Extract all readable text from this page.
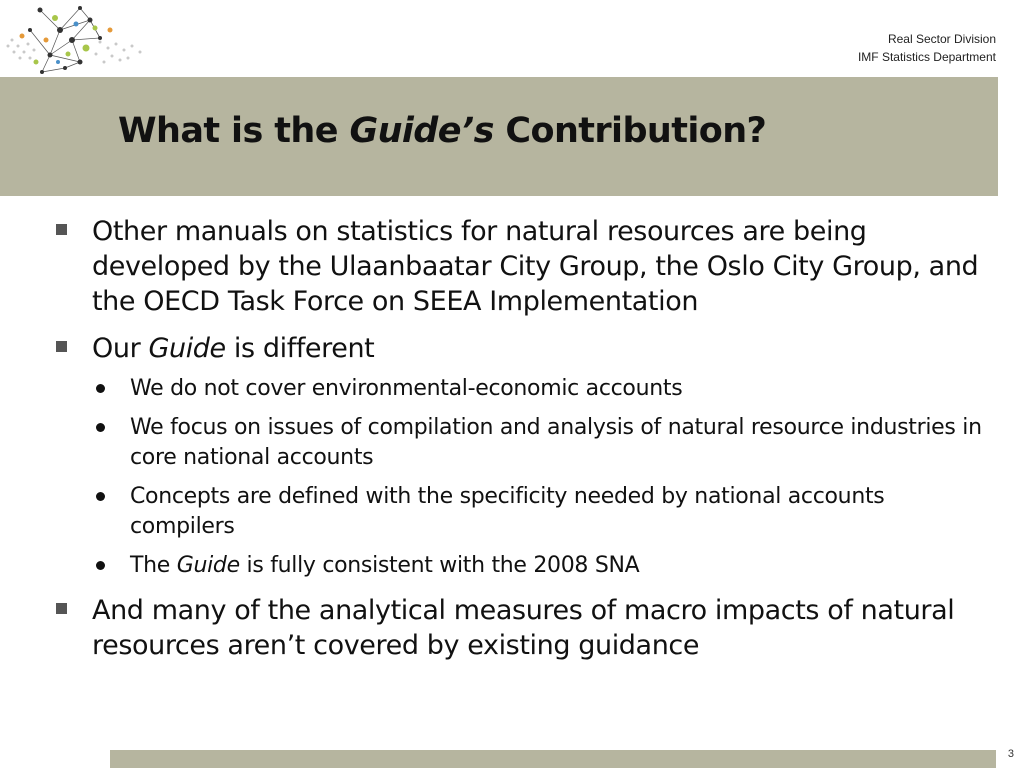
Real Sector Division
IMF Statistics Department
What is the Guide’s Contribution?
Other manuals on statistics for natural resources are being developed by the Ulaanbaatar City Group, the Oslo City Group, and the OECD Task Force on SEEA Implementation
Our Guide is different
We do not cover environmental-economic accounts
We focus on issues of compilation and analysis of natural resource industries in core national accounts
Concepts are defined with the specificity needed by national accounts compilers
The Guide is fully consistent with the 2008 SNA
And many of the analytical measures of macro impacts of natural resources aren’t covered by existing guidance
3
